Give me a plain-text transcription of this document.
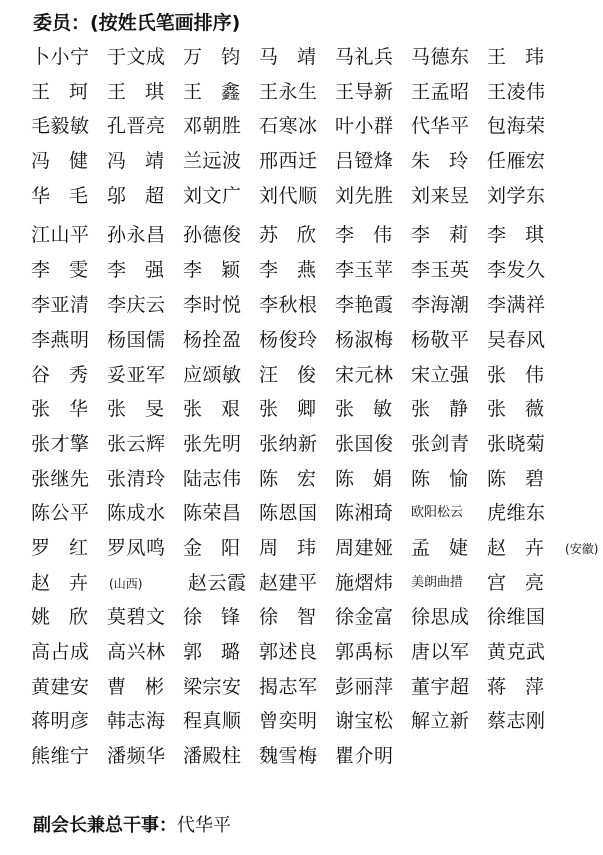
委员：(按姓氏笔画排序)
卜小宁 于文成 万钧 马靖 马礼兵 马德东 王玮
王珂 王琪 王鑫 王永生 王导新 王孟昭 王凌伟
毛毅敏 孔晋亮 邓朝胜 石寒冰 叶小群 代华平 包海荣
冯健 冯靖 兰远波 邢西迁 吕镫烽 朱玲 任雁宏
华毛 邬超 刘文广 刘代顺 刘先胜 刘来昱 刘学东
江山平 孙永昌 孙德俊 苏欣 李伟 李莉 李琪
李雯 李强 李颖 李燕 李玉苹 李玉英 李发久
李亚清 李庆云 李时悦 李秋根 李艳霞 李海潮 李满祥
李燕明 杨国儒 杨拴盈 杨俊玲 杨淑梅 杨敬平 吴春风
谷秀 妥亚军 应颂敏 汪俊 宋元林 宋立强 张伟
张华 张旻 张艰 张卿 张敏 张静 张薇
张才擎 张云辉 张先明 张纳新 张国俊 张剑青 张晓菊
张继先 张清玲 陆志伟 陈宏 陈娟 陈愉 陈碧
陈公平 陈成水 陈荣昌 陈恩国 陈湘琦 欧阳松云 虎维东
罗红 罗凤鸣 金阳 周玮 周建娅 孟婕 赵卉 (安徽)
赵卉 (山西) 赵云霞 赵建平 施熠炜 美朗曲措 宫亮
姚欣 莫碧文 徐锋 徐智 徐金富 徐思成 徐维国
高占成 高兴林 郭璐 郭述良 郭禹标 唐以军 黄克武
黄建安 曹彬 梁宗安 揭志军 彭丽萍 董宇超 蒋萍
蒋明彦 韩志海 程真顺 曾奕明 谢宝松 解立新 蔡志刚
熊维宁 潘频华 潘殿柱 魏雪梅 瞿介明
副会长兼总干事：代华平
